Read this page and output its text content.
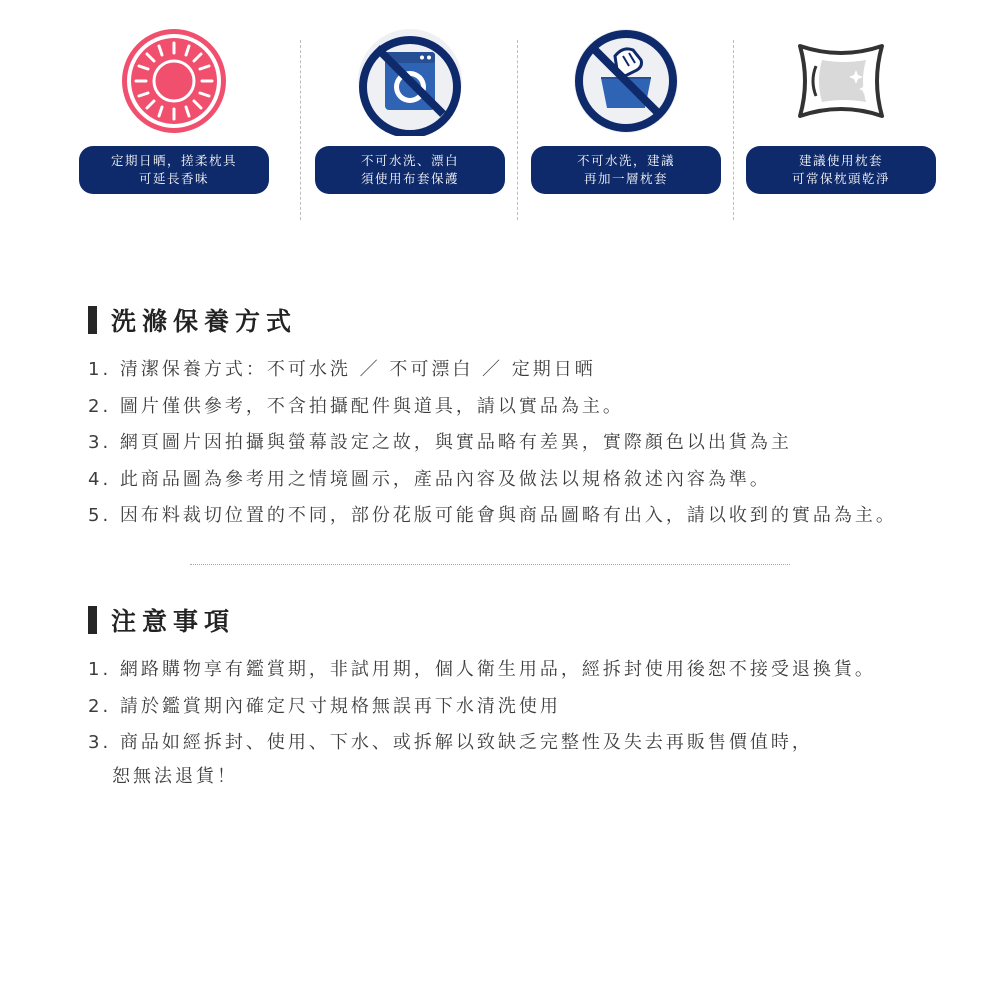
定期日晒，搓柔枕具
可延長香味
不可水洗、漂白
須使用布套保護
不可水洗，建議
再加一層枕套
建議使用枕套
可常保枕頭乾淨
洗滌保養方式
1. 清潔保養方式：不可水洗 ／ 不可漂白 ／ 定期日晒
2. 圖片僅供參考，不含拍攝配件與道具，請以實品為主。
3. 網頁圖片因拍攝與螢幕設定之故，與實品略有差異，實際顏色以出貨為主
4. 此商品圖為參考用之情境圖示，產品內容及做法以規格敘述內容為準。
5. 因布料裁切位置的不同，部份花版可能會與商品圖略有出入，請以收到的實品為主。
注意事項
1. 網路購物享有鑑賞期，非試用期，個人衛生用品，經拆封使用後恕不接受退換貨。
2. 請於鑑賞期內確定尺寸規格無誤再下水清洗使用
3. 商品如經拆封、使用、下水、或拆解以致缺乏完整性及失去再販售價值時，
恕無法退貨！
